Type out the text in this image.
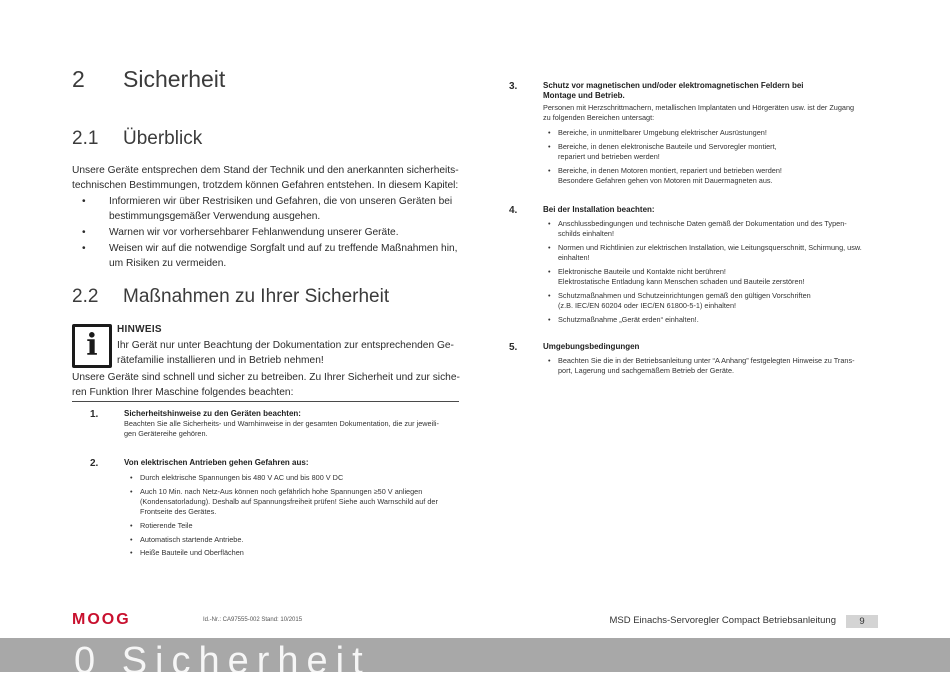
2 Sicherheit
2.1 Überblick
Unsere Geräte entsprechen dem Stand der Technik und den anerkannten sicherheits-
technischen Bestimmungen, trotzdem können Gefahren entstehen. In diesem Kapitel:
• Informieren wir über Restrisiken und Gefahren, die von unseren Geräten bei
bestimmungsgemäßer Verwendung ausgehen.
• Warnen wir vor vorhersehbarer Fehlanwendung unserer Geräte.
• Weisen wir auf die notwendige Sorgfalt und auf zu treffende Maßnahmen hin,
um Risiken zu vermeiden.
2.2 Maßnahmen zu Ihrer Sicherheit
i HINWEIS
Ihr Gerät nur unter Beachtung der Dokumentation zur entsprechenden Ge-
rätefamilie installieren und in Betrieb nehmen!
Unsere Geräte sind schnell und sicher zu betreiben. Zu Ihrer Sicherheit und zur siche-
ren Funktion Ihrer Maschine folgendes beachten:
1.	Sicherheitshinweise zu den Geräten beachten:
Beachten Sie alle Sicherheits- und Warnhinweise in der gesamten Dokumentation, die zur jeweili-
gen Gerätereihe gehören.
2.	Von elektrischen Antrieben gehen Gefahren aus:
• Durch elektrische Spannungen bis 480 V AC und bis 800 V DC
• Auch 10 Min. nach Netz-Aus können noch gefährlich hohe Spannungen ≥50 V anliegen
(Kondensatorladung). Deshalb auf Spannungsfreiheit prüfen! Siehe auch Warnschild auf der
Frontseite des Gerätes.
• Rotierende Teile
• Automatisch startende Antriebe.
• Heiße Bauteile und Oberflächen
3.	Schutz vor magnetischen und/oder elektromagnetischen Feldern bei
Montage und Betrieb.
Personen mit Herzschrittmachern, metallischen Implantaten und Hörgeräten usw. ist der Zugang
zu folgenden Bereichen untersagt:
• Bereiche, in unmittelbarer Umgebung elektrischer Ausrüstungen!
• Bereiche, in denen elektronische Bauteile und Servoregler montiert,
repariert und betrieben werden!
• Bereiche, in denen Motoren montiert, repariert und betrieben werden!
Besondere Gefahren gehen von Motoren mit Dauermagneten aus.
4.	Bei der Installation beachten:
• Anschlussbedingungen und technische Daten gemäß der Dokumentation und des Typen-
schilds einhalten!
• Normen und Richtlinien zur elektrischen Installation, wie Leitungsquerschnitt, Schirmung, usw.
einhalten!
• Elektronische Bauteile und Kontakte nicht berühren!
Elektrostatische Entladung kann Menschen schaden und Bauteile zerstören!
• Schutzmaßnahmen und Schutzeinrichtungen gemäß den gültigen Vorschriften
(z.B. IEC/EN 60204 oder IEC/EN 61800-5-1) einhalten!
• Schutzmaßnahme „Gerät erden“ einhalten!.
5.	Umgebungsbedingungen
• Beachten Sie die in der Betriebsanleitung unter “A Anhang” festgelegten Hinweise zu Trans-
port, Lagerung und sachgemäßem Betrieb der Geräte.
MOOG	Id.-Nr.: CA97555-002 Stand: 10/2015	MSD Einachs-Servoregler Compact Betriebsanleitung	9
0 Sicherheit
